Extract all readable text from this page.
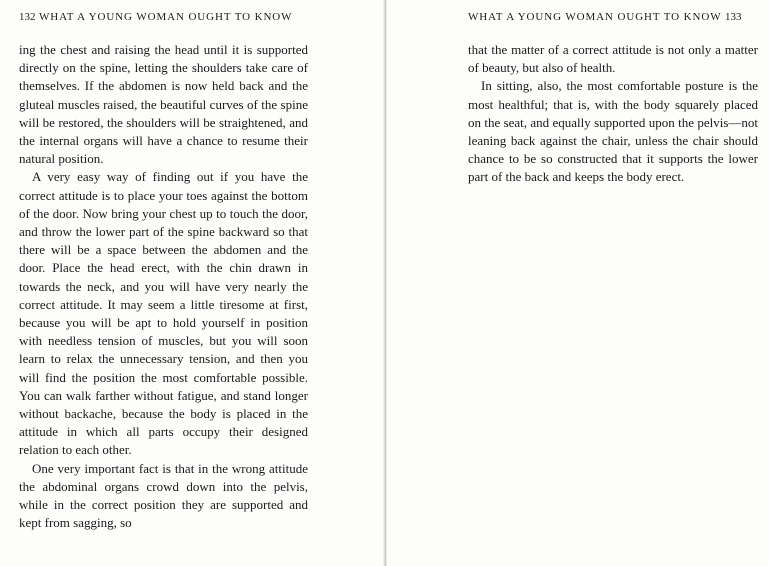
132 WHAT A YOUNG WOMAN OUGHT TO KNOW

ing the chest and raising the head until it is supported directly on the spine, letting the shoulders take care of themselves. If the abdomen is now held back and the gluteal muscles raised, the beautiful curves of the spine will be restored, the shoulders will be straightened, and the internal organs will have a chance to resume their natural position.

A very easy way of finding out if you have the correct attitude is to place your toes against the bottom of the door. Now bring your chest up to touch the door, and throw the lower part of the spine backward so that there will be a space between the abdomen and the door. Place the head erect, with the chin drawn in towards the neck, and you will have very nearly the correct attitude. It may seem a little tiresome at first, because you will be apt to hold yourself in position with needless tension of muscles, but you will soon learn to relax the unnecessary tension, and then you will find the position the most comfortable possible. You can walk farther without fatigue, and stand longer without backache, because the body is placed in the attitude in which all parts occupy their designed relation to each other.

One very important fact is that in the wrong attitude the abdominal organs crowd down into the pelvis, while in the correct position they are supported and kept from sagging, so

WHAT A YOUNG WOMAN OUGHT TO KNOW 133

that the matter of a correct attitude is not only a matter of beauty, but also of health.

In sitting, also, the most comfortable posture is the most healthful; that is, with the body squarely placed on the seat, and equally supported upon the pelvis—not leaning back against the chair, unless the chair should chance to be so constructed that it supports the lower part of the back and keeps the body erect.
